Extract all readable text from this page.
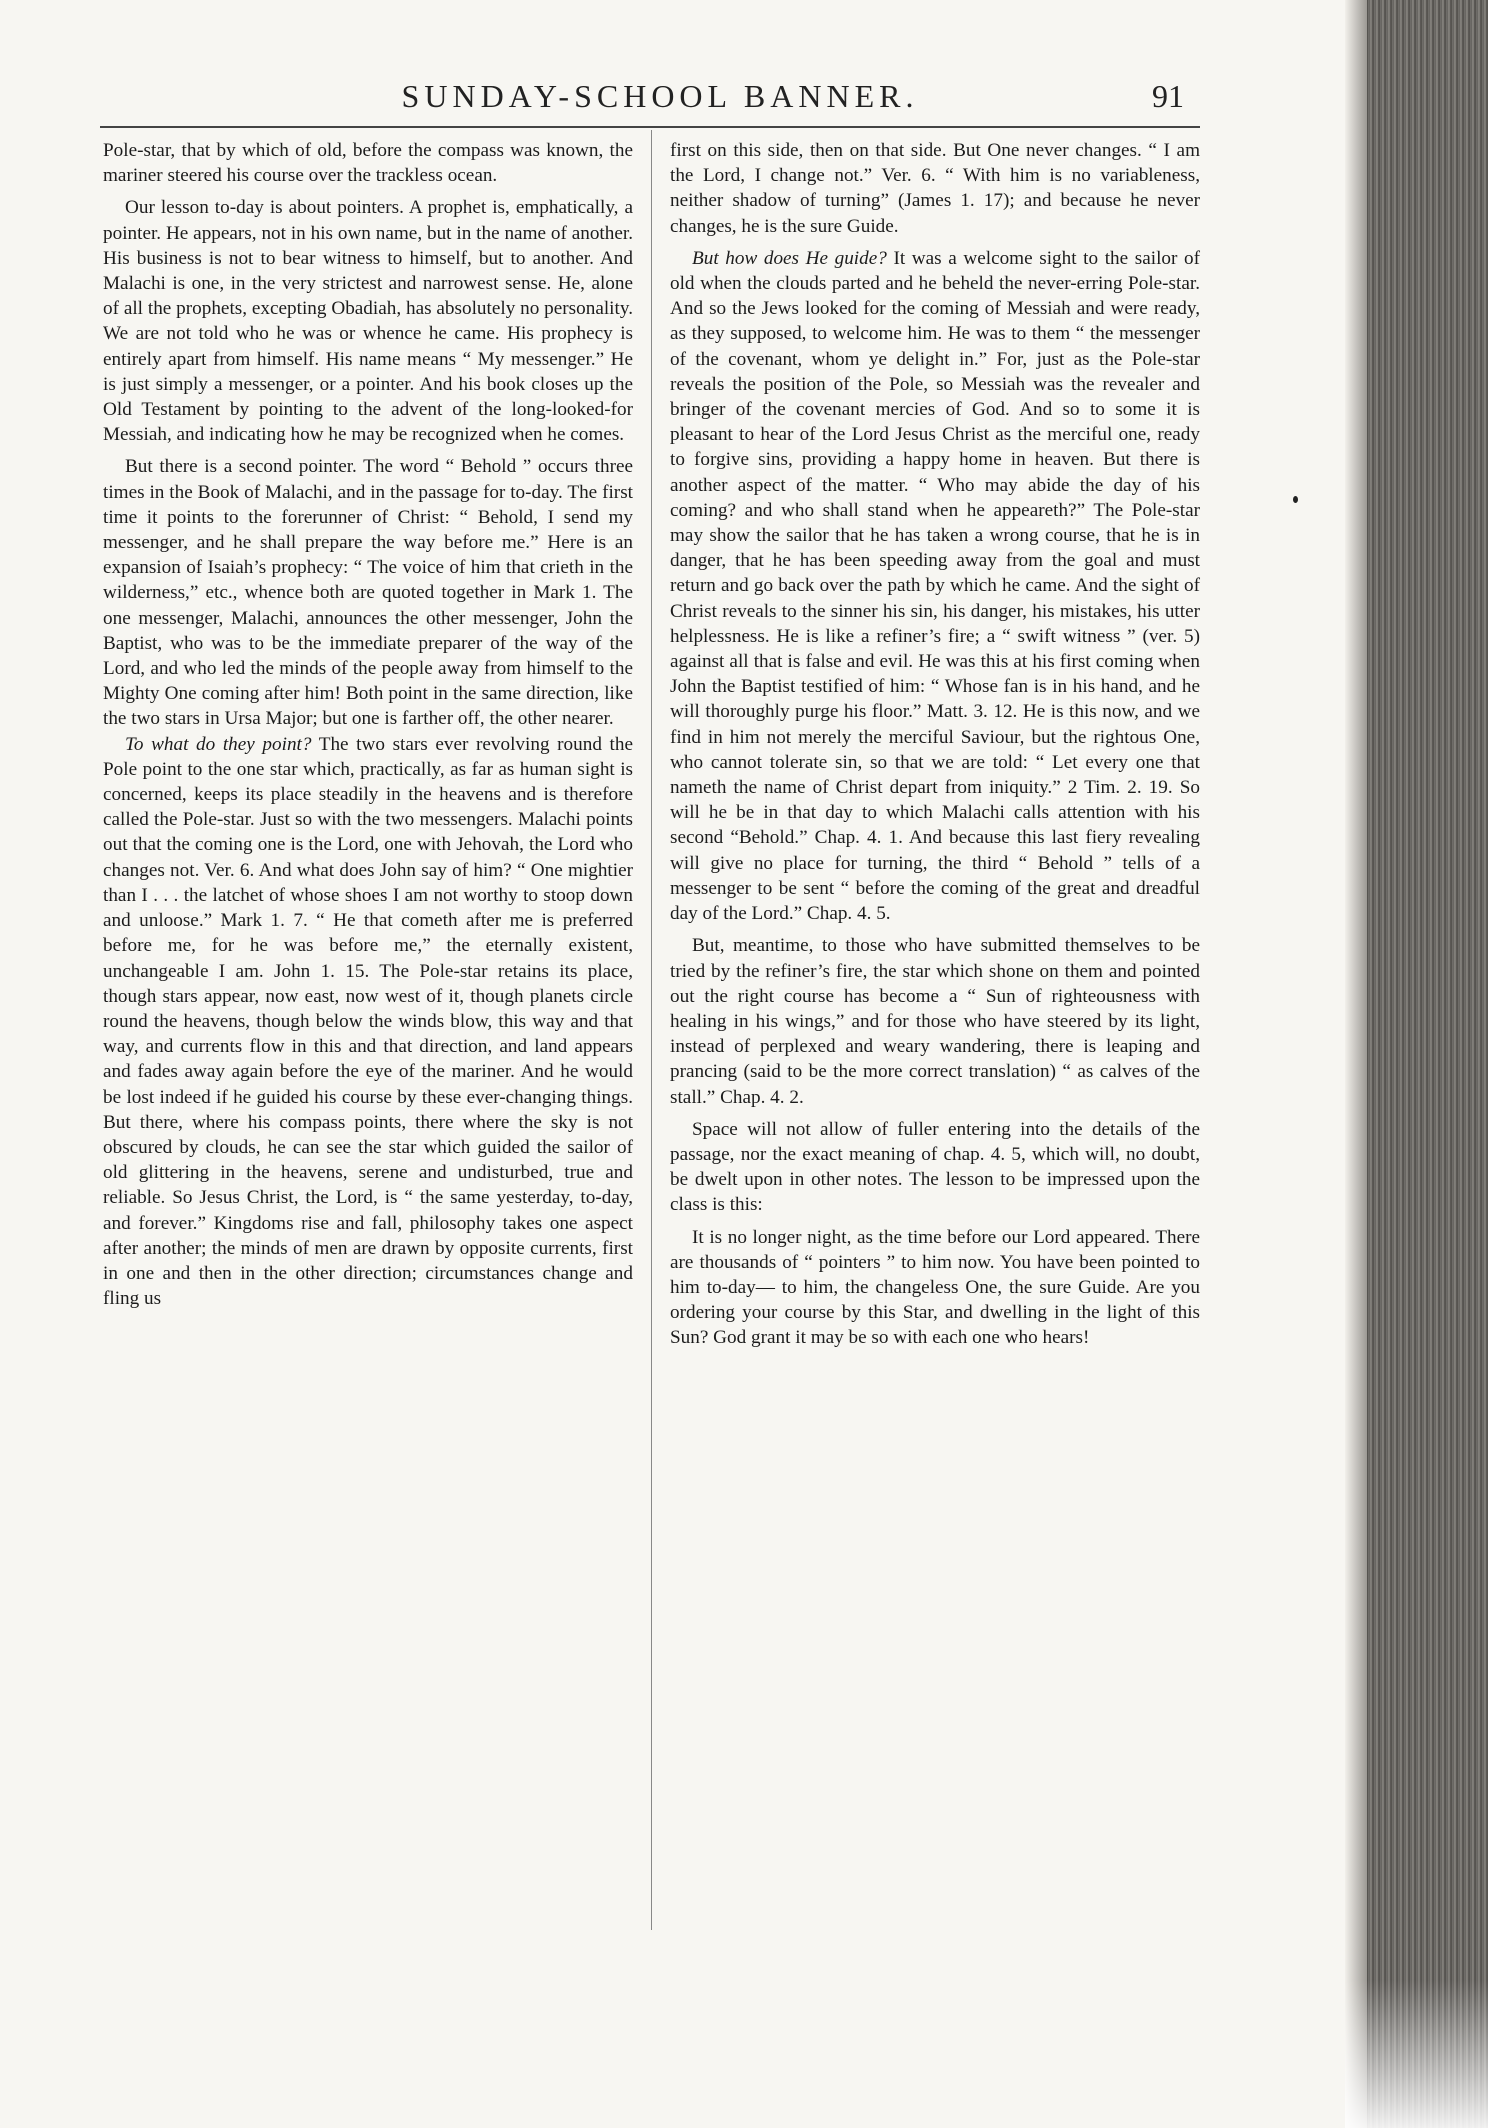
SUNDAY-SCHOOL BANNER.	91

Pole-star, that by which of old, before the compass was known, the mariner steered his course over the trackless ocean.

Our lesson to-day is about pointers. A prophet is, emphatically, a pointer. He appears, not in his own name, but in the name of another. His business is not to bear witness to himself, but to another. And Malachi is one, in the very strictest and narrowest sense. He, alone of all the prophets, excepting Obadiah, has absolutely no personality. We are not told who he was or whence he came. His prophecy is entirely apart from himself. His name means “ My messenger.” He is just simply a messenger, or a pointer. And his book closes up the Old Testament by pointing to the advent of the long-looked-for Messiah, and indicating how he may be recognized when he comes.

But there is a second pointer. The word “ Behold ” occurs three times in the Book of Malachi, and in the passage for to-day. The first time it points to the forerunner of Christ: “ Behold, I send my messenger, and he shall prepare the way before me.” Here is an expansion of Isaiah’s prophecy: “ The voice of him that crieth in the wilderness,” etc., whence both are quoted together in Mark 1. The one messenger, Malachi, announces the other messenger, John the Baptist, who was to be the immediate preparer of the way of the Lord, and who led the minds of the people away from himself to the Mighty One coming after him! Both point in the same direction, like the two stars in Ursa Major; but one is farther off, the other nearer.

To what do they point? The two stars ever revolving round the Pole point to the one star which, practically, as far as human sight is concerned, keeps its place steadily in the heavens and is therefore called the Pole-star. Just so with the two messengers. Malachi points out that the coming one is the Lord, one with Jehovah, the Lord who changes not. Ver. 6. And what does John say of him? “ One mightier than I . . . the latchet of whose shoes I am not worthy to stoop down and unloose.” Mark 1. 7. “ He that cometh after me is preferred before me, for he was before me,” the eternally existent, unchangeable I am. John 1. 15. The Pole-star retains its place, though stars appear, now east, now west of it, though planets circle round the heavens, though below the winds blow, this way and that way, and currents flow in this and that direction, and land appears and fades away again before the eye of the mariner. And he would be lost indeed if he guided his course by these ever-changing things. But there, where his compass points, there where the sky is not obscured by clouds, he can see the star which guided the sailor of old glittering in the heavens, serene and undisturbed, true and reliable. So Jesus Christ, the Lord, is “ the same yesterday, to-day, and forever.” Kingdoms rise and fall, philosophy takes one aspect after another; the minds of men are drawn by opposite currents, first in one and then in the other direction; circumstances change and fling us

first on this side, then on that side. But One never changes. “ I am the Lord, I change not.” Ver. 6. “ With him is no variableness, neither shadow of turning” (James 1. 17); and because he never changes, he is the sure Guide.

But how does He guide? It was a welcome sight to the sailor of old when the clouds parted and he beheld the never-erring Pole-star. And so the Jews looked for the coming of Messiah and were ready, as they supposed, to welcome him. He was to them “ the messenger of the covenant, whom ye delight in.” For, just as the Pole-star reveals the position of the Pole, so Messiah was the revealer and bringer of the covenant mercies of God. And so to some it is pleasant to hear of the Lord Jesus Christ as the merciful one, ready to forgive sins, providing a happy home in heaven. But there is another aspect of the matter. “ Who may abide the day of his coming? and who shall stand when he appeareth?” The Pole-star may show the sailor that he has taken a wrong course, that he is in danger, that he has been speeding away from the goal and must return and go back over the path by which he came. And the sight of Christ reveals to the sinner his sin, his danger, his mistakes, his utter helplessness. He is like a refiner’s fire; a “ swift witness ” (ver. 5) against all that is false and evil. He was this at his first coming when John the Baptist testified of him: “ Whose fan is in his hand, and he will thoroughly purge his floor.” Matt. 3. 12. He is this now, and we find in him not merely the merciful Saviour, but the rightous One, who cannot tolerate sin, so that we are told: “ Let every one that nameth the name of Christ depart from iniquity.” 2 Tim. 2. 19. So will he be in that day to which Malachi calls attention with his second “Behold.” Chap. 4. 1. And because this last fiery revealing will give no place for turning, the third “ Behold ” tells of a messenger to be sent “ before the coming of the great and dreadful day of the Lord.” Chap. 4. 5.

But, meantime, to those who have submitted themselves to be tried by the refiner’s fire, the star which shone on them and pointed out the right course has become a “ Sun of righteousness with healing in his wings,” and for those who have steered by its light, instead of perplexed and weary wandering, there is leaping and prancing (said to be the more correct translation) “ as calves of the stall.” Chap. 4. 2.

Space will not allow of fuller entering into the details of the passage, nor the exact meaning of chap. 4. 5, which will, no doubt, be dwelt upon in other notes. The lesson to be impressed upon the class is this:

It is no longer night, as the time before our Lord appeared. There are thousands of “ pointers ” to him now. You have been pointed to him to-day— to him, the changeless One, the sure Guide. Are you ordering your course by this Star, and dwelling in the light of this Sun? God grant it may be so with each one who hears!
